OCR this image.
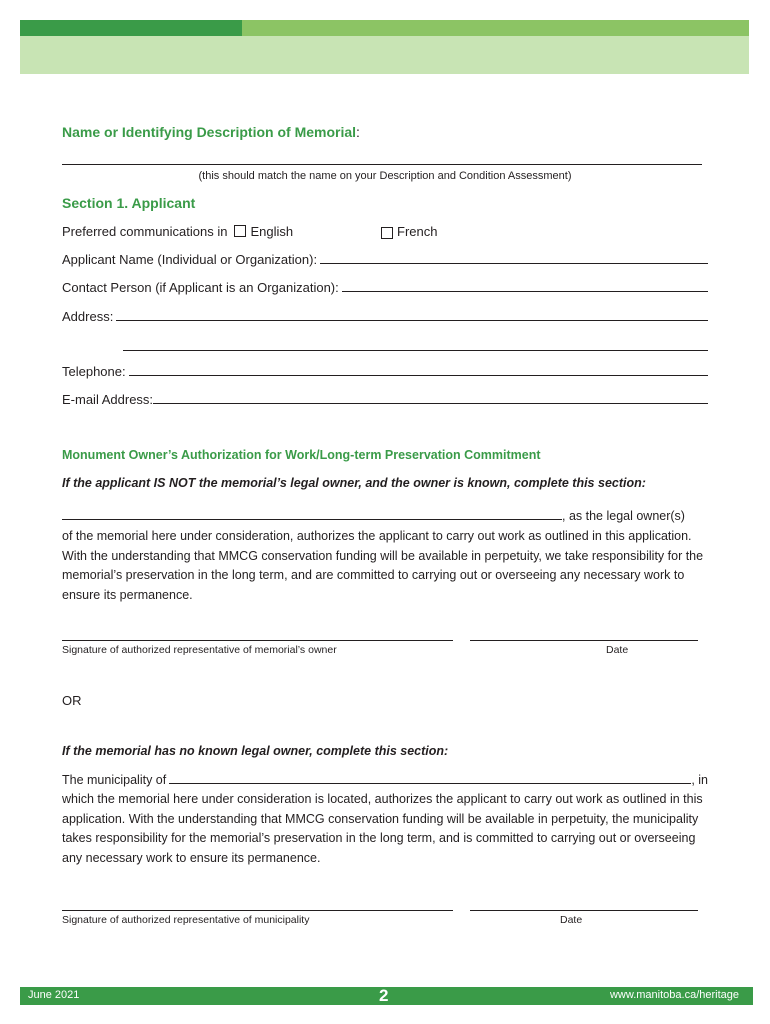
Name or Identifying Description of Memorial:
(this should match the name on your Description and Condition Assessment)
Section 1. Applicant
Preferred communications in	English	French
Applicant Name (Individual or Organization):
Contact Person (if Applicant is an Organization):
Address:
Telephone:
E-mail Address:
Monument Owner’s Authorization for Work/Long-term Preservation Commitment
If the applicant IS NOT the memorial’s legal owner, and the owner is known, complete this section:
, as the legal owner(s)
of the memorial here under consideration, authorizes the applicant to carry out work as outlined in this application. With the understanding that MMCG conservation funding will be available in perpetuity, we take responsibility for the memorial’s preservation in the long term, and are committed to carrying out or overseeing any necessary work to ensure its permanence.
Signature of authorized representative of memorial’s owner	Date
OR
If the memorial has no known legal owner, complete this section:
The municipality of	, in
which the memorial here under consideration is located, authorizes the applicant to carry out work as outlined in this application. With the understanding that MMCG conservation funding will be available in perpetuity, the municipality takes responsibility for the memorial’s preservation in the long term, and is committed to carrying out or overseeing any necessary work to ensure its permanence.
Signature of authorized representative of municipality	Date
June 2021	2	www.manitoba.ca/heritage
